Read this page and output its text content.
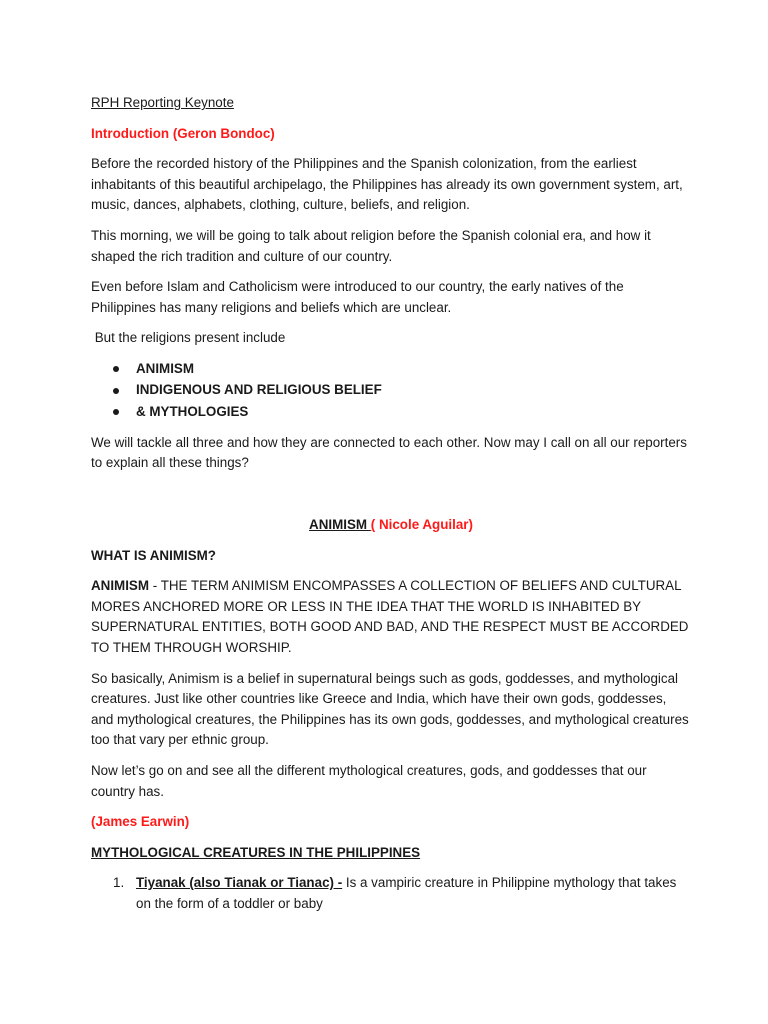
RPH Reporting Keynote

Introduction (Geron Bondoc)

Before the recorded history of the Philippines and the Spanish colonization, from the earliest inhabitants of this beautiful archipelago, the Philippines has already its own government system, art, music, dances, alphabets, clothing, culture, beliefs, and religion.

This morning, we will be going to talk about religion before the Spanish colonial era, and how it shaped the rich tradition and culture of our country.

Even before Islam and Catholicism were introduced to our country, the early natives of the Philippines has many religions and beliefs which are unclear.

But the religions present include

ANIMISM
INDIGENOUS AND RELIGIOUS BELIEF
& MYTHOLOGIES

We will tackle all three and how they are connected to each other. Now may I call on all our reporters to explain all these things?

ANIMISM ( Nicole Aguilar)

WHAT IS ANIMISM?

ANIMISM - THE TERM ANIMISM ENCOMPASSES A COLLECTION OF BELIEFS AND CULTURAL MORES ANCHORED MORE OR LESS IN THE IDEA THAT THE WORLD IS INHABITED BY SUPERNATURAL ENTITIES, BOTH GOOD AND BAD, AND THE RESPECT MUST BE ACCORDED TO THEM THROUGH WORSHIP.

So basically, Animism is a belief in supernatural beings such as gods, goddesses, and mythological creatures. Just like other countries like Greece and India, which have their own gods, goddesses, and mythological creatures, the Philippines has its own gods, goddesses, and mythological creatures too that vary per ethnic group.

Now let’s go on and see all the different mythological creatures, gods, and goddesses that our country has.

(James Earwin)

MYTHOLOGICAL CREATURES IN THE PHILIPPINES

1. Tiyanak (also Tianak or Tianac) - Is a vampiric creature in Philippine mythology that takes on the form of a toddler or baby
